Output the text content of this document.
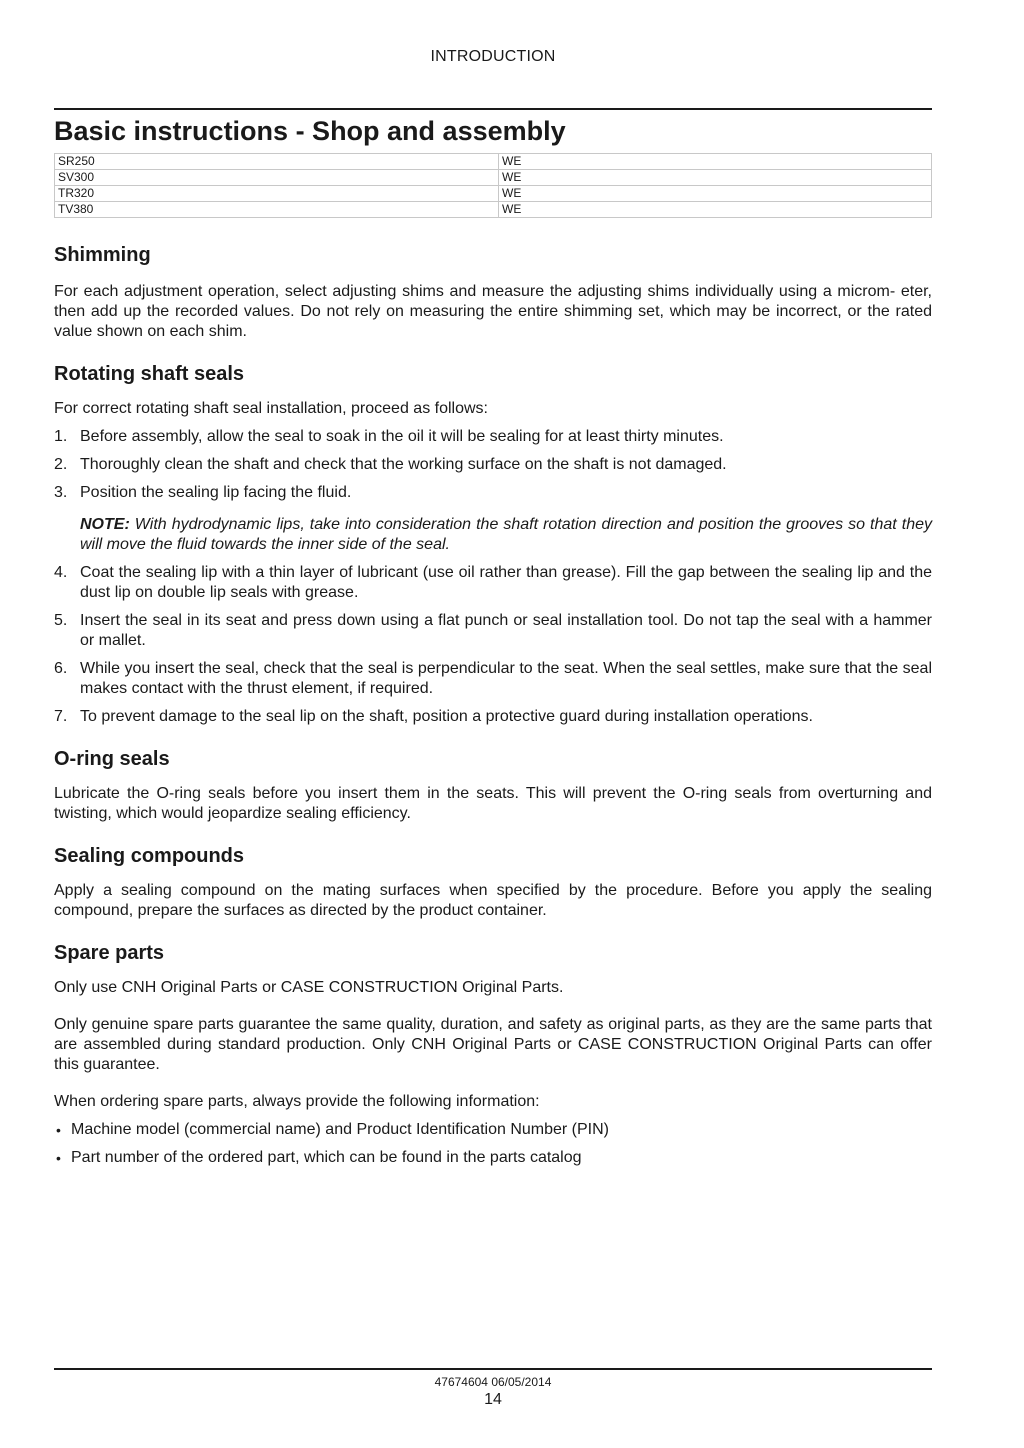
INTRODUCTION
Basic instructions - Shop and assembly
SR250	WE
SV300	WE
TR320	WE
TV380	WE
Shimming

For each adjustment operation, select adjusting shims and measure the adjusting shims individually using a microm- eter, then add up the recorded values. Do not rely on measuring the entire shimming set, which may be incorrect, or the rated value shown on each shim.

Rotating shaft seals

For correct rotating shaft seal installation, proceed as follows:

1. Before assembly, allow the seal to soak in the oil it will be sealing for at least thirty minutes.
2. Thoroughly clean the shaft and check that the working surface on the shaft is not damaged.
3. Position the sealing lip facing the fluid.
NOTE: With hydrodynamic lips, take into consideration the shaft rotation direction and position the grooves so that they will move the fluid towards the inner side of the seal.
4. Coat the sealing lip with a thin layer of lubricant (use oil rather than grease). Fill the gap between the sealing lip and the dust lip on double lip seals with grease.
5. Insert the seal in its seat and press down using a flat punch or seal installation tool. Do not tap the seal with a hammer or mallet.
6. While you insert the seal, check that the seal is perpendicular to the seat. When the seal settles, make sure that the seal makes contact with the thrust element, if required.
7. To prevent damage to the seal lip on the shaft, position a protective guard during installation operations.
O-ring seals

Lubricate the O-ring seals before you insert them in the seats. This will prevent the O-ring seals from overturning and twisting, which would jeopardize sealing efficiency.

Sealing compounds

Apply a sealing compound on the mating surfaces when specified by the procedure. Before you apply the sealing compound, prepare the surfaces as directed by the product container.

Spare parts

Only use CNH Original Parts or CASE CONSTRUCTION Original Parts.

Only genuine spare parts guarantee the same quality, duration, and safety as original parts, as they are the same parts that are assembled during standard production. Only CNH Original Parts or CASE CONSTRUCTION Original Parts can offer this guarantee.

When ordering spare parts, always provide the following information:

• Machine model (commercial name) and Product Identification Number (PIN)
• Part number of the ordered part, which can be found in the parts catalog
47674604 06/05/2014
14
